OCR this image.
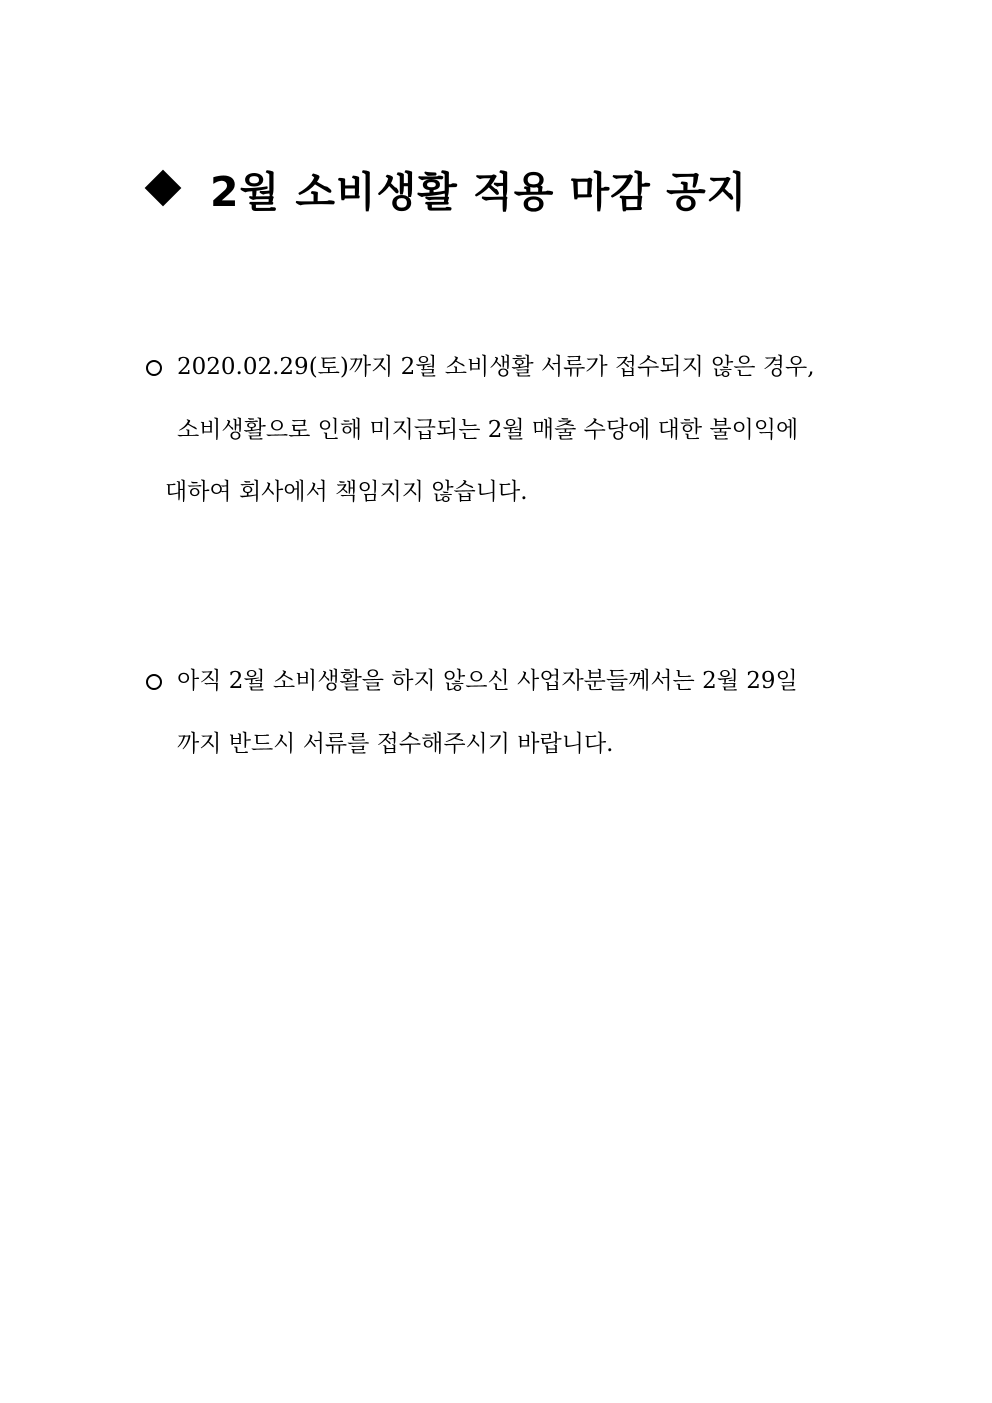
2월 소비생활 적용 마감 공지
2020.02.29(토)까지 2월 소비생활 서류가 접수되지 않은 경우,
소비생활으로 인해 미지급되는 2월 매출 수당에 대한 불이익에
대하여 회사에서 책임지지 않습니다.
아직 2월 소비생활을 하지 않으신 사업자분들께서는 2월 29일
까지 반드시 서류를 접수해주시기 바랍니다.
